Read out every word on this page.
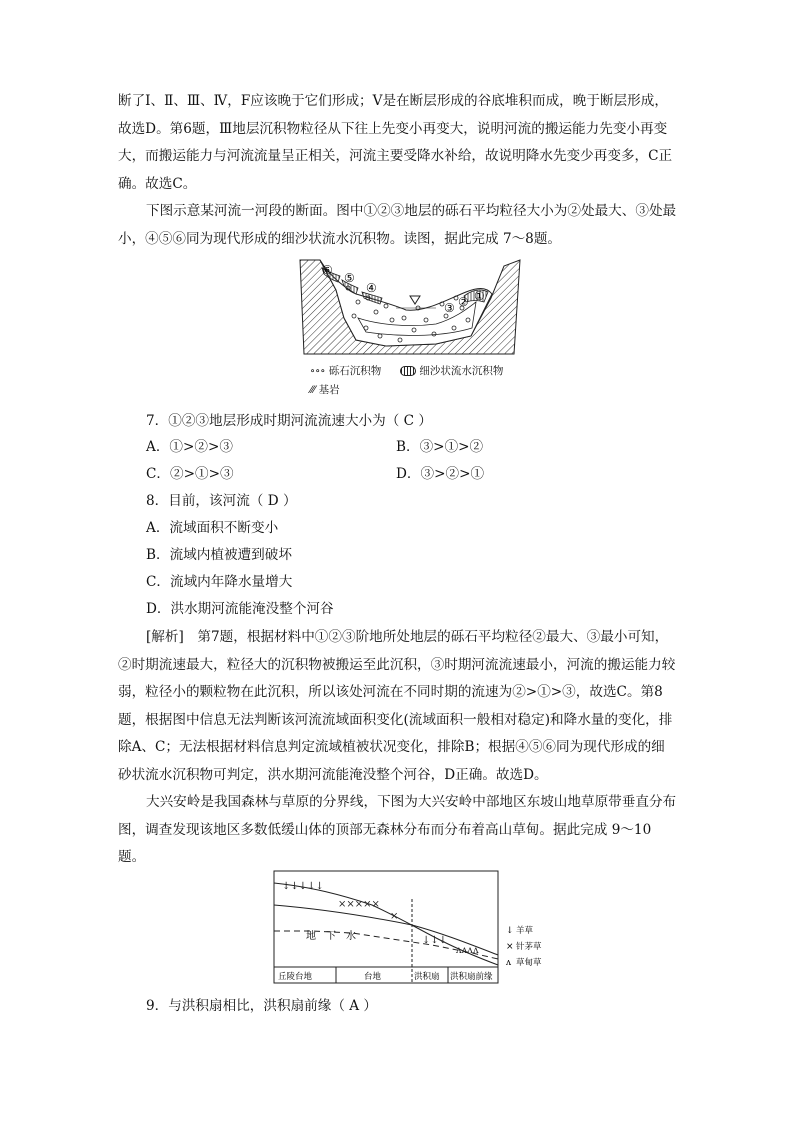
断了Ⅰ、Ⅱ、Ⅲ、Ⅳ，F应该晚于它们形成；V是在断层形成的谷底堆积而成，晚于断层形成，故选D。第6题，Ⅲ地层沉积物粒径从下往上先变小再变大，说明河流的搬运能力先变小再变大，而搬运能力与河流流量呈正相关，河流主要受降水补给，故说明降水先变少再变多，C正确。故选C。

下图示意某河流一河段的断面。图中①②③地层的砾石平均粒径大小为②处最大、③处最小，④⑤⑥同为现代形成的细沙状流水沉积物。读图，据此完成 7～8题。

⑥
⑤
④
③ ② ①
∘∘∘ 砾石沉积物	细沙状流水沉积物
⁄⁄⁄ 基岩

7．①②③地层形成时期河流流速大小为（ C ）

A．①>②>③	B．③>①>②

C．②>①>③	D．③>②>①

8．目前，该河流（ D ）

A．流域面积不断变小

B．流域内植被遭到破坏

C．流域内年降水量增大

D．洪水期河流能淹没整个河谷

[解析]　第7题，根据材料中①②③阶地所处地层的砾石平均粒径②最大、③最小可知，②时期流速最大，粒径大的沉积物被搬运至此沉积，③时期河流流速最小，河流的搬运能力较弱，粒径小的颗粒物在此沉积，所以该处河流在不同时期的流速为②>①>③，故选C。第8题，根据图中信息无法判断该河流流域面积变化(流域面积一般相对稳定)和降水量的变化，排除A、C；无法根据材料信息判定流域植被状况变化，排除B；根据④⑤⑥同为现代形成的细砂状流水沉积物可判定，洪水期河流能淹没整个河谷，D正确。故选D。

大兴安岭是我国森林与草原的分界线，下图为大兴安岭中部地区东坡山地草原带垂直分布图，调查发现该地区多数低缓山体的顶部无森林分布而分布着高山草甸。据此完成 9～10题。

↓↓↓↓↓
×××××
×
↓↓↓
ᴧᴧᴧᴧ
地　下　水
丘陵台地	台地	洪积扇 洪积扇前缘
↓ 羊草
× 针茅草
ᴧ 草甸草

9．与洪积扇相比，洪积扇前缘（ A ）
